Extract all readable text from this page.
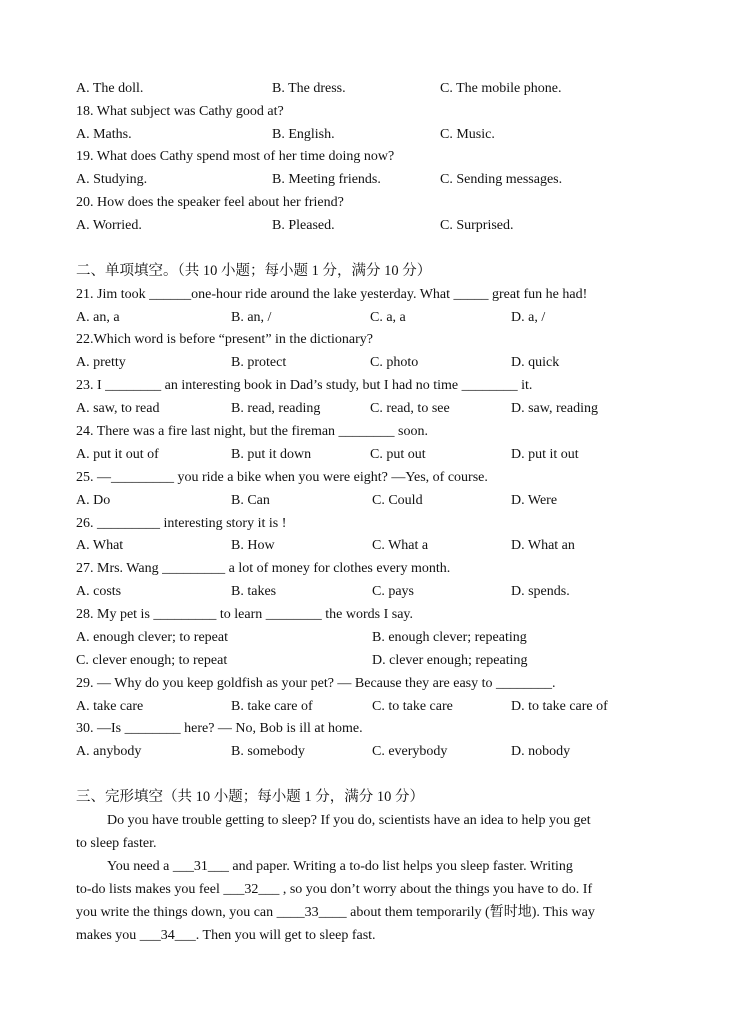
A. The doll.	B. The dress.	C. The mobile phone.
18. What subject was Cathy good at?
A. Maths.	B. English.	C. Music.
19. What does Cathy spend most of her time doing now?
A. Studying.	B. Meeting friends.	C. Sending messages.
20. How does the speaker feel about her friend?
A. Worried.	B. Pleased.	C. Surprised.
二、单项填空。（共 10 小题；每小题 1 分，满分 10 分）
21. Jim took ______one-hour ride around the lake yesterday. What _____ great fun he had!
A. an, a	B. an, /	C. a, a	D. a, /
22.Which word is before “present” in the dictionary?
A. pretty	B. protect	C. photo	D. quick
23. I ________ an interesting book in Dad’s study, but I had no time ________ it.
A. saw, to read	B. read, reading	C. read, to see	D. saw, reading
24. There was a fire last night, but the fireman ________ soon.
A. put it out of	B. put it down	C. put out	D. put it out
25. —_________ you ride a bike when you were eight? —Yes, of course.
A. Do	B. Can	C. Could	D. Were
26. _________ interesting story it is !
A. What	B. How	C. What a	D. What an
27. Mrs. Wang _________ a lot of money for clothes every month.
A. costs	B. takes	C. pays	D. spends.
28. My pet is _________ to learn ________ the words I say.
A. enough clever; to repeat	B. enough clever; repeating
C. clever enough; to repeat	D. clever enough; repeating
29. — Why do you keep goldfish as your pet? — Because they are easy to ________.
A. take care	B. take care of	C. to take care	D. to take care of
30. —Is ________ here? — No, Bob is ill at home.
A. anybody	B. somebody	C. everybody	D. nobody
三、完形填空（共 10 小题；每小题 1 分，满分 10 分）
Do you have trouble getting to sleep? If you do, scientists have an idea to help you get
to sleep faster.
You need a ___31___ and paper. Writing a to-do list helps you sleep faster. Writing
to-do lists makes you feel ___32___ , so you don’t worry about the things you have to do. If
you write the things down, you can ____33____ about them temporarily (暂时地). This way
makes you ___34___. Then you will get to sleep fast.
